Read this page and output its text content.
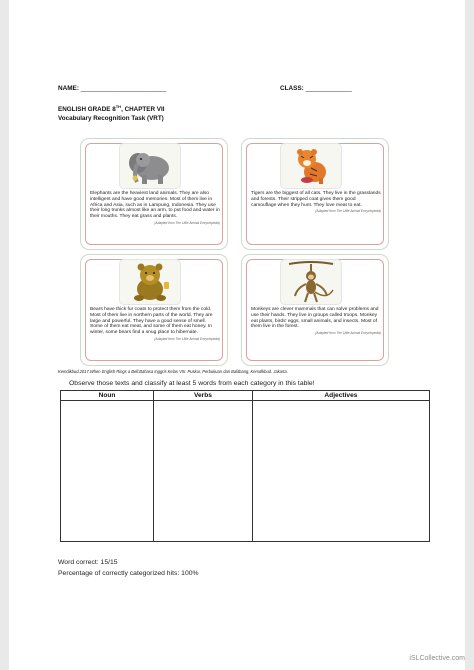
NAME: ________________________	CLASS: _____________
ENGLISH GRADE 8TH, CHAPTER VII
Vocabulary Recognition Task (VRT)
Elephants are the heaviest land animals. They are also intelligent and have good memories. Most of them live in Africa and Asia, such as in Lampung, Indonesia. They use their long trunks almost like an arm, to put food and water in their mouths. They eat grass and plants.
(Adapted from The Little Animal Encyclopedia)
Tigers are the biggest of all cats. They live in the grasslands and forests. Their stripped coat gives them good camouflage when they hunt. They love meat to eat.
(Adapted from The Little Animal Encyclopedia)
Bears have thick fur coats to protect them from the cold. Most of them live in northern parts of the world. They are large and powerful. They have a good sense of smell. Some of them eat meat, and some of them eat honey. In winter, some bears find a snug place to hibernate.
(Adapted from The Little Animal Encyclopedia)
Monkeys are clever mammals that can solve problems and use their hands. They live in groups called troops. Monkey eat plants, birds' eggs, small animals, and insects. Most of them live in the forest.
(Adapted from The Little Animal Encyclopedia)
Kemdikbud.2017.When English Rings a Bell:Bahasa Inggris Kelas VIII. Puskur, Perbukuan dan Balitbang, Kemdikbud. Jakarta.
Observe those texts and classify at least 5 words from each category in this table!
Noun	Verbs	Adjectives

Word correct: 15/15
Percentage of correctly categorized hits: 100%
iSLCollective.com
